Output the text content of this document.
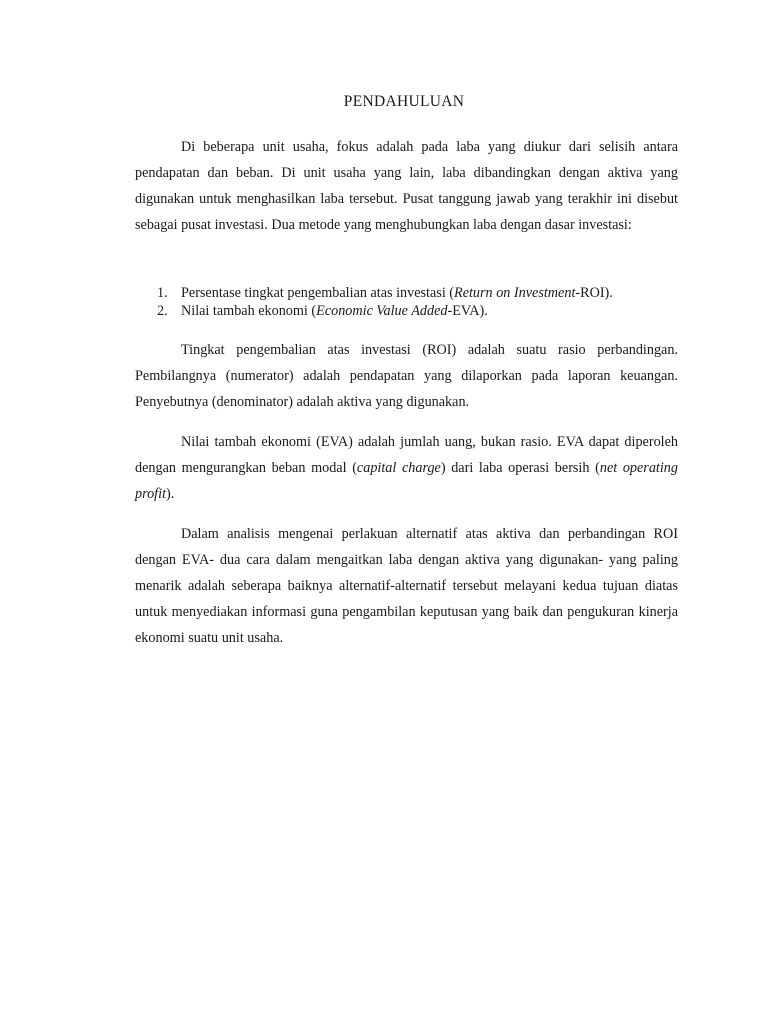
PENDAHULUAN

Di beberapa unit usaha, fokus adalah pada laba yang diukur dari selisih antara pendapatan dan beban. Di unit usaha yang lain, laba dibandingkan dengan aktiva yang digunakan untuk menghasilkan laba tersebut. Pusat tanggung jawab yang terakhir ini disebut sebagai pusat investasi. Dua metode yang menghubungkan laba dengan dasar investasi:

1. Persentase tingkat pengembalian atas investasi (Return on Investment-ROI).
2. Nilai tambah ekonomi (Economic Value Added-EVA).

Tingkat pengembalian atas investasi (ROI) adalah suatu rasio perbandingan. Pembilangnya (numerator) adalah pendapatan yang dilaporkan pada laporan keuangan. Penyebutnya (denominator) adalah aktiva yang digunakan.

Nilai tambah ekonomi (EVA) adalah jumlah uang, bukan rasio. EVA dapat diperoleh dengan mengurangkan beban modal (capital charge) dari laba operasi bersih (net operating profit).

Dalam analisis mengenai perlakuan alternatif atas aktiva dan perbandingan ROI dengan EVA- dua cara dalam mengaitkan laba dengan aktiva yang digunakan- yang paling menarik adalah seberapa baiknya alternatif-alternatif tersebut melayani kedua tujuan diatas untuk menyediakan informasi guna pengambilan keputusan yang baik dan pengukuran kinerja ekonomi suatu unit usaha.
